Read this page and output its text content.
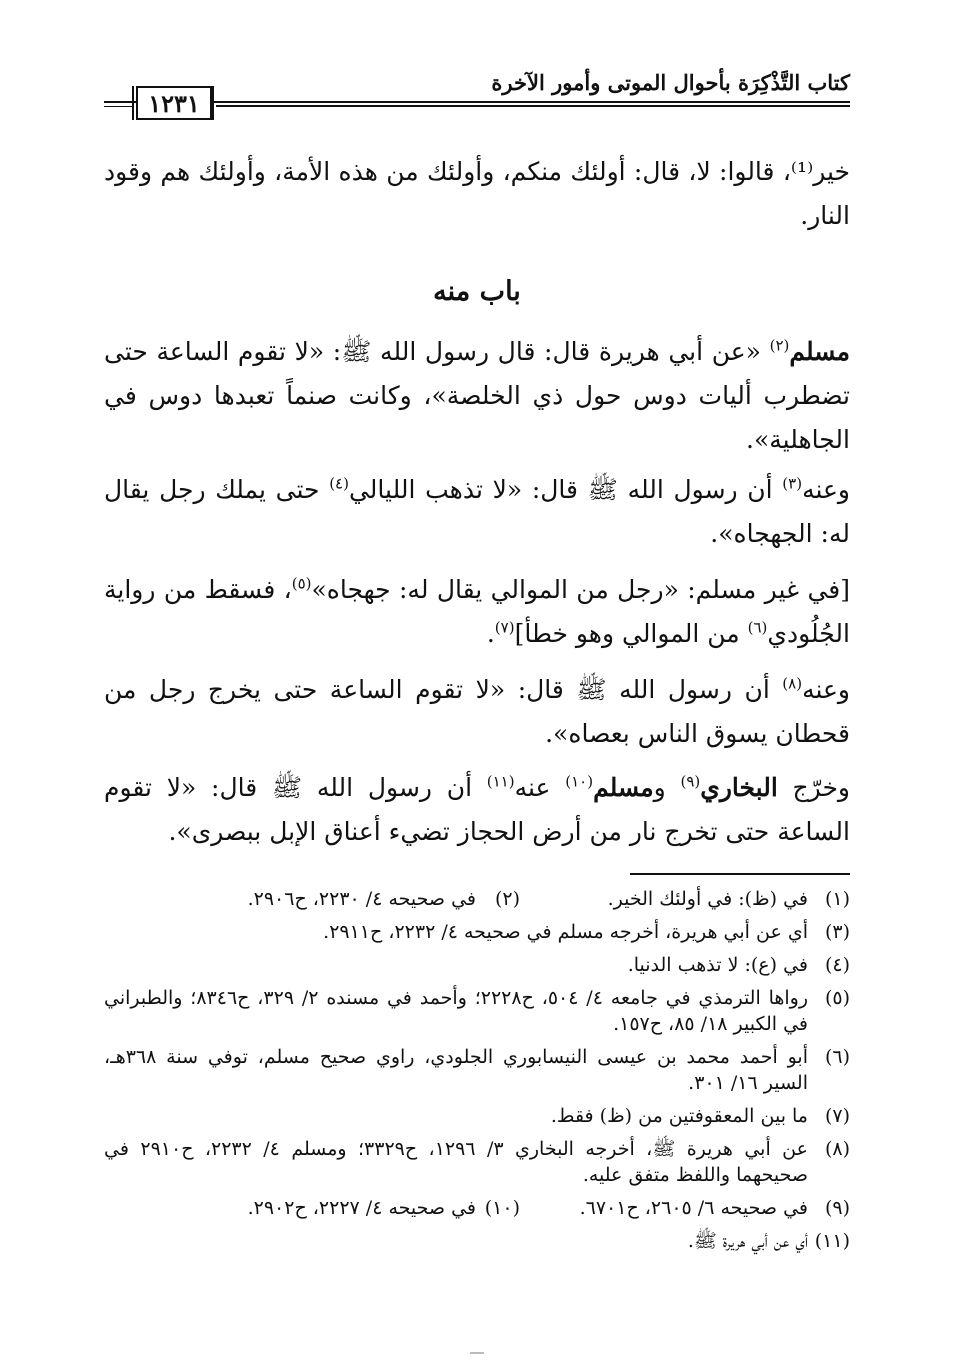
كتاب التَّذْكِرَة بأحوال الموتى وأمور الآخرة
١٢٣١

خير⁽¹⁾، قالوا: لا، قال: أولئك منكم، وأولئك من هذه الأمة، وأولئك هم وقود النار.

باب منه

مسلم$^{(٢)}$ «عن أبي هريرة قال: قال رسول الله ﷺ: «لا تقوم الساعة حتى تضطرب أليات دوس حول ذي الخلصة»، وكانت صنماً تعبدها دوس في الجاهلية».

وعنه$^{(٣)}$ أن رسول الله ﷺ قال: «لا تذهب الليالي$^{(٤)}$ حتى يملك رجل يقال له: الجهجاه».

[في غير مسلم: «رجل من الموالي يقال له: جهجاه»$^{(٥)}$، فسقط من رواية الجُلُودي$^{(٦)}$ من الموالي وهو خطأ]$^{(٧)}$.

وعنه$^{(٨)}$ أن رسول الله ﷺ قال: «لا تقوم الساعة حتى يخرج رجل من قحطان يسوق الناس بعصاه».

وخرّج البخاري$^{(٩)}$ ومسلم$^{(١٠)}$ عنه$^{(١١)}$ أن رسول الله ﷺ قال: «لا تقوم الساعة حتى تخرج نار من أرض الحجاز تضيء أعناق الإبل ببصرى».

(١)
في (ظ): في أولئك الخير.
(٢)
في صحيحه ٤/ ٢٢٣٠، ح٢٩٠٦.
(٣)
أي عن أبي هريرة، أخرجه مسلم في صحيحه ٤/ ٢٢٣٢، ح٢٩١١.
(٤)
في (ع): لا تذهب الدنيا.
(٥)
رواها الترمذي في جامعه ٤/ ٥٠٤، ح٢٢٢٨؛ وأحمد في مسنده ٢/ ٣٢٩، ح٨٣٤٦؛ والطبراني في الكبير ١٨/ ٨٥، ح١٥٧.
(٦)
أبو أحمد محمد بن عيسى النيسابوري الجلودي، راوي صحيح مسلم، توفي سنة ٣٦٨هـ، السير ١٦/ ٣٠١.
(٧)
ما بين المعقوفتين من (ظ) فقط.
(٨)
عن أبي هريرة ﷺ، أخرجه البخاري ٣/ ١٢٩٦، ح٣٣٢٩؛ ومسلم ٤/ ٢٢٣٢، ح٢٩١٠ في صحيحهما واللفظ متفق عليه.
(٩)
في صحيحه ٦/ ٢٦٠٥، ح٦٧٠١.
(١٠)
في صحيحه ٤/ ٢٢٢٧، ح٢٩٠٢.
(١١)
أي عن أبي هريرة ﷺ.
